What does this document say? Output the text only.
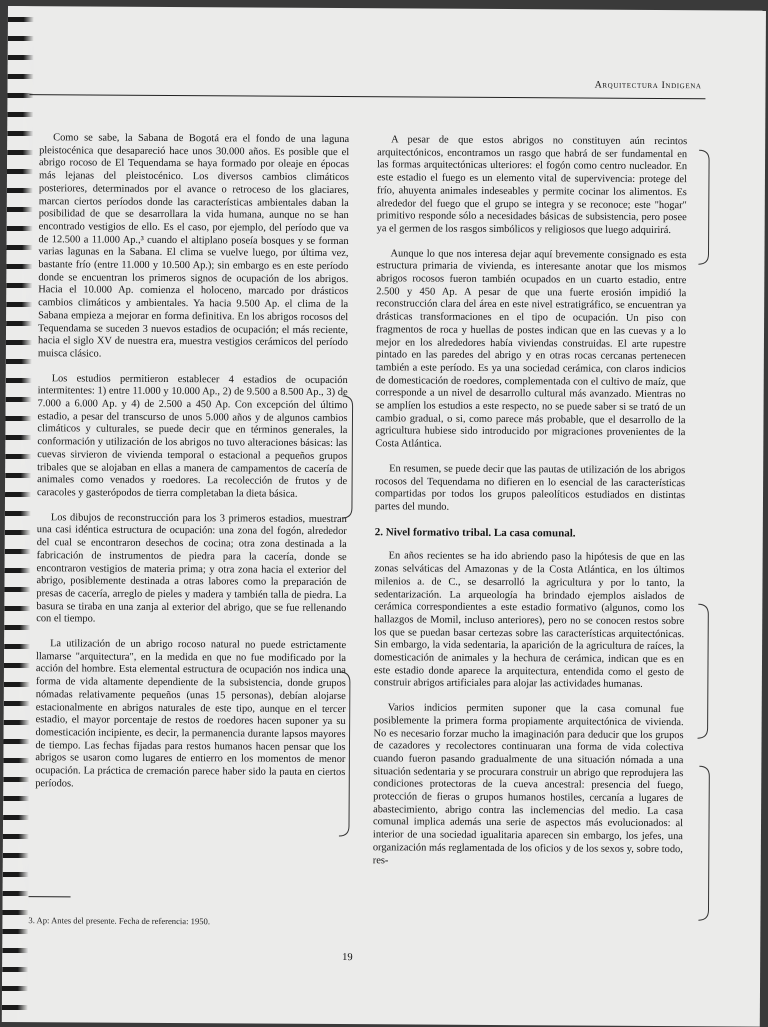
Arquitectura Indigena

Como se sabe, la Sabana de Bogotá era el fondo de una laguna pleistocénica que desapareció hace unos 30.000 años. Es posible que el abrigo rocoso de El Tequendama se haya formado por oleaje en épocas más lejanas del pleistocénico. Los diversos cambios climáticos posteriores, determinados por el avance o retroceso de los glaciares, marcan ciertos períodos donde las características ambientales daban la posibilidad de que se desarrollara la vida humana, aunque no se han encontrado vestigios de ello. Es el caso, por ejemplo, del período que va de 12.500 a 11.000 Ap.,³ cuando el altiplano poseía bosques y se forman varias lagunas en la Sabana. El clima se vuelve luego, por última vez, bastante frío (entre 11.000 y 10.500 Ap.); sin embargo es en este período donde se encuentran los primeros signos de ocupación de los abrigos. Hacia el 10.000 Ap. comienza el holoceno, marcado por drásticos cambios climáticos y ambientales. Ya hacia 9.500 Ap. el clima de la Sabana empieza a mejorar en forma definitiva. En los abrigos rocosos del Tequendama se suceden 3 nuevos estadios de ocupación; el más reciente, hacia el siglo XV de nuestra era, muestra vestigios cerámicos del período muisca clásico.

Los estudios permitieron establecer 4 estadios de ocupación intermitentes: 1) entre 11.000 y 10.000 Ap., 2) de 9.500 a 8.500 Ap., 3) de 7.000 a 6.000 Ap. y 4) de 2.500 a 450 Ap. Con excepción del último estadio, a pesar del transcurso de unos 5.000 años y de algunos cambios climáticos y culturales, se puede decir que en términos generales, la conformación y utilización de los abrigos no tuvo alteraciones básicas: las cuevas sirvieron de vivienda temporal o estacional a pequeños grupos tribales que se alojaban en ellas a manera de campamentos de cacería de animales como venados y roedores. La recolección de frutos y de caracoles y gasterópodos de tierra completaban la dieta básica.

Los dibujos de reconstrucción para los 3 primeros estadios, muestran una casi idéntica estructura de ocupación: una zona del fogón, alrededor del cual se encontraron desechos de cocina; otra zona destinada a la fabricación de instrumentos de piedra para la cacería, donde se encontraron vestigios de materia prima; y otra zona hacia el exterior del abrigo, posiblemente destinada a otras labores como la preparación de presas de cacería, arreglo de pieles y madera y también talla de piedra. La basura se tiraba en una zanja al exterior del abrigo, que se fue rellenando con el tiempo.

La utilización de un abrigo rocoso natural no puede estrictamente llamarse "arquitectura", en la medida en que no fue modificado por la acción del hombre. Esta elemental estructura de ocupación nos indica una forma de vida altamente dependiente de la subsistencia, donde grupos nómadas relativamente pequeños (unas 15 personas), debían alojarse estacionalmente en abrigos naturales de este tipo, aunque en el tercer estadio, el mayor porcentaje de restos de roedores hacen suponer ya su domesticación incipiente, es decir, la permanencia durante lapsos mayores de tiempo. Las fechas fijadas para restos humanos hacen pensar que los abrigos se usaron como lugares de entierro en los momentos de menor ocupación. La práctica de cremación parece haber sido la pauta en ciertos períodos.

A pesar de que estos abrigos no constituyen aún recintos arquitectónicos, encontramos un rasgo que habrá de ser fundamental en las formas arquitectónicas ulteriores: el fogón como centro nucleador. En este estadio el fuego es un elemento vital de supervivencia: protege del frío, ahuyenta animales indeseables y permite cocinar los alimentos. Es alrededor del fuego que el grupo se integra y se reconoce; este "hogar" primitivo responde sólo a necesidades básicas de subsistencia, pero posee ya el germen de los rasgos simbólicos y religiosos que luego adquirirá.

Aunque lo que nos interesa dejar aquí brevemente consignado es esta estructura primaria de vivienda, es interesante anotar que los mismos abrigos rocosos fueron también ocupados en un cuarto estadio, entre 2.500 y 450 Ap. A pesar de que una fuerte erosión impidió la reconstrucción clara del área en este nivel estratigráfico, se encuentran ya drásticas transformaciones en el tipo de ocupación. Un piso con fragmentos de roca y huellas de postes indican que en las cuevas y a lo mejor en los alrededores había viviendas construidas. El arte rupestre pintado en las paredes del abrigo y en otras rocas cercanas pertenecen también a este período. Es ya una sociedad cerámica, con claros indicios de domesticación de roedores, complementada con el cultivo de maíz, que corresponde a un nivel de desarrollo cultural más avanzado. Mientras no se amplíen los estudios a este respecto, no se puede saber si se trató de un cambio gradual, o si, como parece más probable, que el desarrollo de la agricultura hubiese sido introducido por migraciones provenientes de la Costa Atlántica.

En resumen, se puede decir que las pautas de utilización de los abrigos rocosos del Tequendama no difieren en lo esencial de las características compartidas por todos los grupos paleolíticos estudiados en distintas partes del mundo.

2. Nivel formativo tribal. La casa comunal.

En años recientes se ha ido abriendo paso la hipótesis de que en las zonas selváticas del Amazonas y de la Costa Atlántica, en los últimos milenios a. de C., se desarrolló la agricultura y por lo tanto, la sedentarización. La arqueología ha brindado ejemplos aislados de cerámica correspondientes a este estadio formativo (algunos, como los hallazgos de Momil, incluso anteriores), pero no se conocen restos sobre los que se puedan basar certezas sobre las características arquitectónicas. Sin embargo, la vida sedentaria, la aparición de la agricultura de raíces, la domesticación de animales y la hechura de cerámica, indican que es en este estadio donde aparece la arquitectura, entendida como el gesto de construir abrigos artificiales para alojar las actividades humanas.

Varios indicios permiten suponer que la casa comunal fue posiblemente la primera forma propiamente arquitectónica de vivienda. No es necesario forzar mucho la imaginación para deducir que los grupos de cazadores y recolectores continuaran una forma de vida colectiva cuando fueron pasando gradualmente de una situación nómada a una situación sedentaria y se procurara construir un abrigo que reprodujera las condiciones protectoras de la cueva ancestral: presencia del fuego, protección de fieras o grupos humanos hostiles, cercanía a lugares de abastecimiento, abrigo contra las inclemencias del medio. La casa comunal implica además una serie de aspectos más evolucionados: al interior de una sociedad igualitaria aparecen sin embargo, los jefes, una organización más reglamentada de los oficios y de los sexos y, sobre todo, res-

3. Ap: Antes del presente. Fecha de referencia: 1950.
19
